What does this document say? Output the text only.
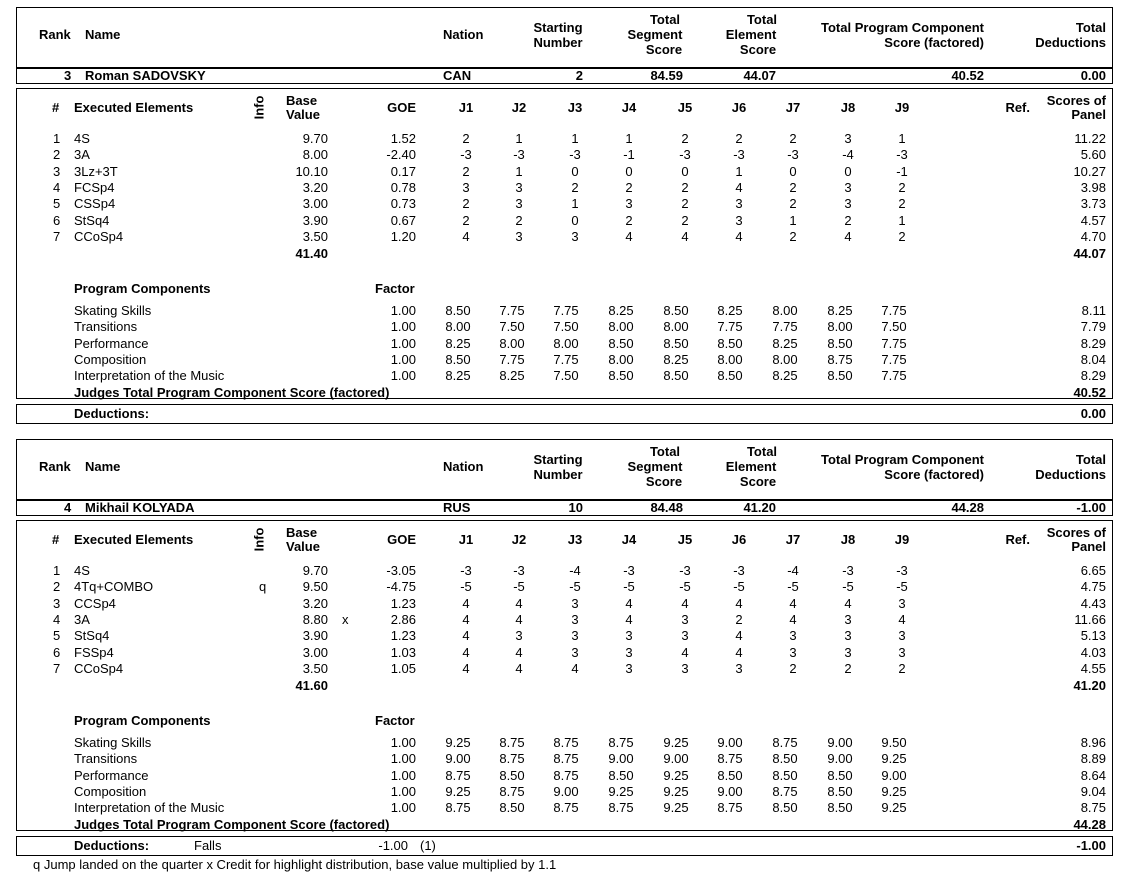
Rank Name	Nation	Starting
Number
Total
Segment
Score
Total
Element
Score
Total Program Component
Score (factored)
Total
Deductions
3 Roman SADOVSKY	CAN	2	84.59	44.07	40.52	0.00
# Executed Elements	Info Base
Value	GOE	J1	J2	J3	J4	J5	J6	J7	J8	J9	Ref. Scores of
Panel
1 4S	9.70	1.52	2	1	1	1	2	2	2	3	1	11.22
2 3A	8.00	-2.40	-3	-3	-3	-1	-3	-3	-3	-4	-3	5.60
3 3Lz+3T	10.10	0.17	2	1	0	0	0	1	0	0	-1	10.27
4 FCSp4	3.20	0.78	3	3	2	2	2	4	2	3	2	3.98
5 CSSp4	3.00	0.73	2	3	1	3	2	3	2	3	2	3.73
6 StSq4	3.90	0.67	2	2	0	2	2	3	1	2	1	4.57
7 CCoSp4	3.50	1.20	4	3	3	4	4	4	2	4	2	4.70
41.40	44.07
Program Components	Factor
Skating Skills	1.00	8.50	7.75	7.75	8.25	8.50	8.25	8.00	8.25	7.75	8.11
Transitions	1.00	8.00	7.50	7.50	8.00	8.00	7.75	7.75	8.00	7.50	7.79
Performance	1.00	8.25	8.00	8.00	8.50	8.50	8.50	8.25	8.50	7.75	8.29
Composition	1.00	8.50	7.75	7.75	8.00	8.25	8.00	8.00	8.75	7.75	8.04
Interpretation of the Music	1.00	8.25	8.25	7.50	8.50	8.50	8.50	8.25	8.50	7.75	8.29
Judges Total Program Component Score (factored)	40.52
Deductions:	0.00
Rank Name	Nation	Starting
Number
Total
Segment
Score
Total
Element
Score
Total Program Component
Score (factored)
Total
Deductions
4 Mikhail KOLYADA	RUS	10	84.48	41.20	44.28	-1.00
# Executed Elements	Info Base
Value	GOE	J1	J2	J3	J4	J5	J6	J7	J8	J9	Ref. Scores of
Panel
1 4S	9.70	-3.05	-3	-3	-4	-3	-3	-3	-4	-3	-3	6.65
2 4Tq+COMBO	q	9.50	-4.75	-5	-5	-5	-5	-5	-5	-5	-5	-5	4.75
3 CCSp4	3.20	1.23	4	4	3	4	4	4	4	4	3	4.43
4 3A	8.80 x	2.86	4	4	3	4	3	2	4	3	4	11.66
5 StSq4	3.90	1.23	4	3	3	3	3	4	3	3	3	5.13
6 FSSp4	3.00	1.03	4	4	3	3	4	4	3	3	3	4.03
7 CCoSp4	3.50	1.05	4	4	4	3	3	3	2	2	2	4.55
41.60	41.20
Program Components	Factor
Skating Skills	1.00	9.25	8.75	8.75	8.75	9.25	9.00	8.75	9.00	9.50	8.96
Transitions	1.00	9.00	8.75	8.75	9.00	9.00	8.75	8.50	9.00	9.25	8.89
Performance	1.00	8.75	8.50	8.75	8.50	9.25	8.50	8.50	8.50	9.00	8.64
Composition	1.00	9.25	8.75	9.00	9.25	9.25	9.00	8.75	8.50	9.25	9.04
Interpretation of the Music	1.00	8.75	8.50	8.75	8.75	9.25	8.75	8.50	8.50	9.25	8.75
Judges Total Program Component Score (factored)	44.28
Deductions:	Falls	-1.00 (1)	-1.00
q Jump landed on the quarter x Credit for highlight distribution, base value multiplied by 1.1
